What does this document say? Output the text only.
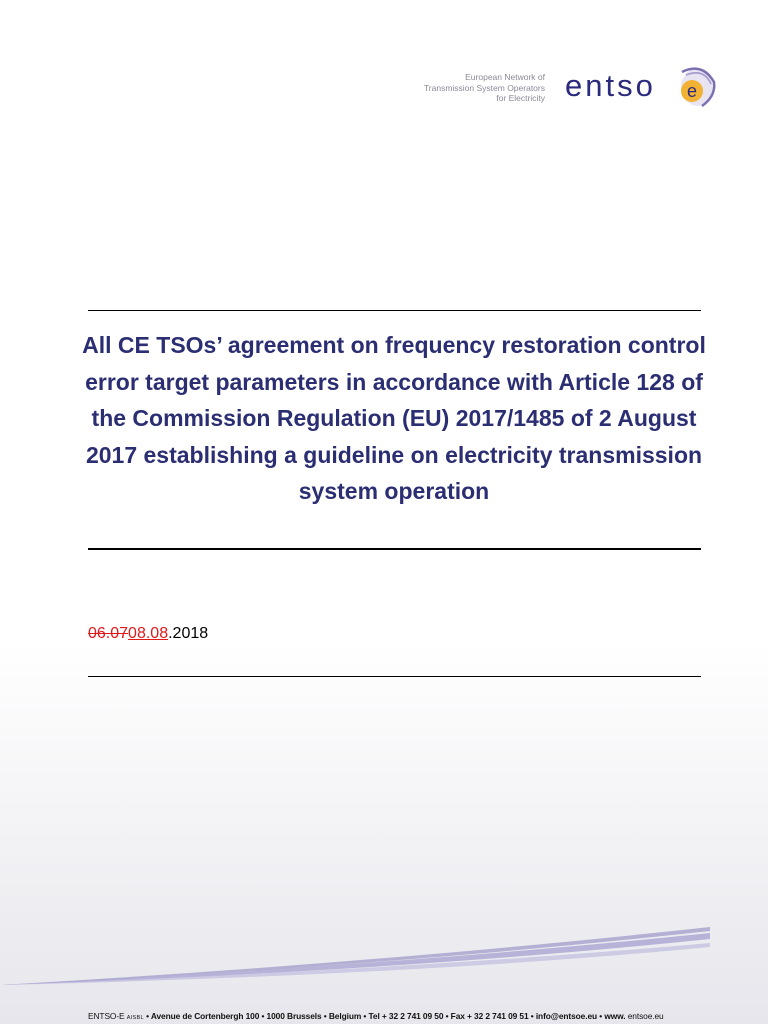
European Network of
Transmission System Operators
for Electricity entso e
All CE TSOs’ agreement on frequency restoration control error target parameters in accordance with Article 128 of the Commission Regulation (EU) 2017/1485 of 2 August 2017 establishing a guideline on electricity transmission system operation
06.0708.08.2018
ENTSO-E AISBL • Avenue de Cortenbergh 100 • 1000 Brussels • Belgium • Tel + 32 2 741 09 50 • Fax + 32 2 741 09 51 • info@entsoe.eu • www. entsoe.eu
